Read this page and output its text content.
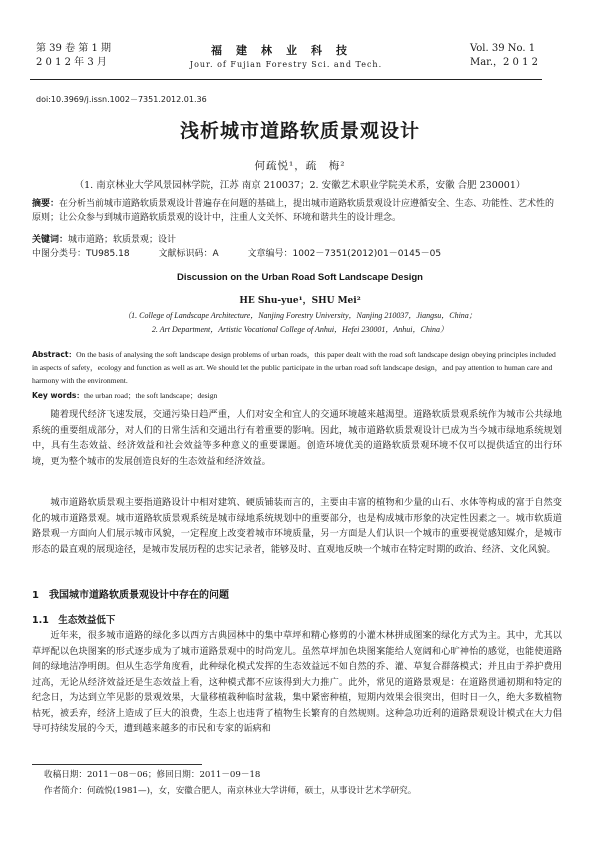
第 39 卷 第 1 期
2 0 1 2 年 3 月
福建林业科技
Jour. of Fujian Forestry Sci. and Tech.
Vol. 39 No. 1
Mar.，2 0 1 2
doi:10.3969/j.issn.1002－7351.2012.01.36
浅析城市道路软质景观设计
何疏悦¹，疏　梅²
（1. 南京林业大学风景园林学院，江苏 南京 210037；2. 安徽艺术职业学院美术系，安徽 合肥 230001）
摘要：在分析当前城市道路软质景观设计普遍存在问题的基础上，提出城市道路软质景观设计应遵循安全、生态、功能性、艺术性的原则；让公众参与到城市道路软质景观的设计中，注重人文关怀、环境和谐共生的设计理念。
关键词：城市道路；软质景观；设计
中图分类号：TU985.18	文献标识码：A	文章编号：1002－7351(2012)01－0145－05
Discussion on the Urban Road Soft Landscape Design
HE Shu-yue¹，SHU Mei²
（1. College of Landscape Architecture，Nanjing Forestry University，Nanjing 210037，Jiangsu，China；
2. Art Department，Artistic Vocational College of Anhui，Hefei 230001，Anhui，China）
Abstract：On the basis of analysing the soft landscape design problems of urban roads，this paper dealt with the road soft landscape design obeying principles included in aspects of safety，ecology and function as well as art. We should let the public participate in the urban road soft landscape design，and pay attention to human care and harmony with the environment.
Key words：the urban road；the soft landscape；design

随着现代经济飞速发展，交通污染日趋严重，人们对安全和宜人的交通环境越来越渴望。道路软质景观系统作为城市公共绿地系统的重要组成部分，对人们的日常生活和交通出行有着重要的影响。因此，城市道路软质景观设计已成为当今城市绿地系统规划中，具有生态效益、经济效益和社会效益等多种意义的重要课题。创造环境优美的道路软质景观环境不仅可以提供适宜的出行环境，更为整个城市的发展创造良好的生态效益和经济效益。

城市道路软质景观主要指道路设计中相对建筑、硬质铺装而言的，主要由丰富的植物和少量的山石、水体等构成的富于自然变化的城市道路景观。城市道路软质景观系统是城市绿地系统规划中的重要部分，也是构成城市形象的决定性因素之一。城市软质道路景观一方面向人们展示城市风貌，一定程度上改变着城市环境质量，另一方面是人们认识一个城市的重要视觉感知媒介，是城市形态的最直观的展现途径，是城市发展历程的忠实记录者，能够及时、直观地反映一个城市在特定时期的政治、经济、文化风貌。

1　我国城市道路软质景观设计中存在的问题
1.1　生态效益低下

近年来，很多城市道路的绿化多以西方古典园林中的集中草坪和精心修剪的小灌木林拼成图案的绿化方式为主。其中，尤其以草坪配以色块图案的形式逐步成为了城市道路景观中的时尚宠儿。虽然草坪加色块图案能给人宽阔和心旷神怡的感觉，也能使道路间的绿地洁净明朗。但从生态学角度看，此种绿化模式发挥的生态效益远不如自然的乔、灌、草复合群落模式；并且由于养护费用过高，无论从经济效益还是生态效益上看，这种模式都不应该得到大力推广。此外，常见的道路景观是：在道路贯通初期和特定的纪念日，为达到立竿见影的景观效果，大量移植栽种临时盆栽，集中紧密种植，短期内效果会很突出，但时日一久，绝大多数植物枯死，被丢弃，经济上造成了巨大的浪费，生态上也违背了植物生长繁育的自然规则。这种急功近利的道路景观设计模式在大力倡导可持续发展的今天，遭到越来越多的市民和专家的诟病和

收稿日期：2011－08－06；修回日期：2011－09－18
作者简介：何疏悦(1981—)，女，安徽合肥人，南京林业大学讲师，硕士，从事设计艺术学研究。
